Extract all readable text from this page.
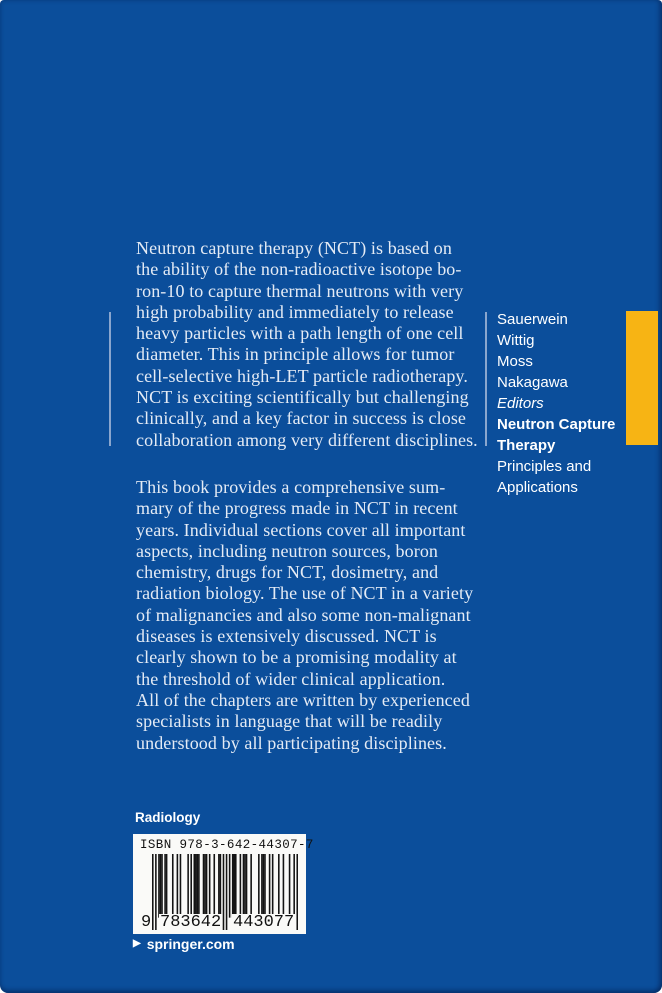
Neutron capture therapy (NCT) is based on
the ability of the non-radioactive isotope bo-
ron-10 to capture thermal neutrons with very
high probability and immediately to release
heavy particles with a path length of one cell
diameter. This in principle allows for tumor
cell-selective high-LET particle radiotherapy.
NCT is exciting scientifically but challenging
clinically, and a key factor in success is close
collaboration among very different disciplines.
This book provides a comprehensive sum-
mary of the progress made in NCT in recent
years. Individual sections cover all important
aspects, including neutron sources, boron
chemistry, drugs for NCT, dosimetry, and
radiation biology. The use of NCT in a variety
of malignancies and also some non-malignant
diseases is extensively discussed. NCT is
clearly shown to be a promising modality at
the threshold of wider clinical application.
All of the chapters are written by experienced
specialists in language that will be readily
understood by all participating disciplines.
Sauerwein
Wittig
Moss
Nakagawa
Editors
Neutron Capture
Therapy
Principles and
Applications
Radiology
ISBN 978-3-642-44307-7
9 783642 443077
▶ springer.com
